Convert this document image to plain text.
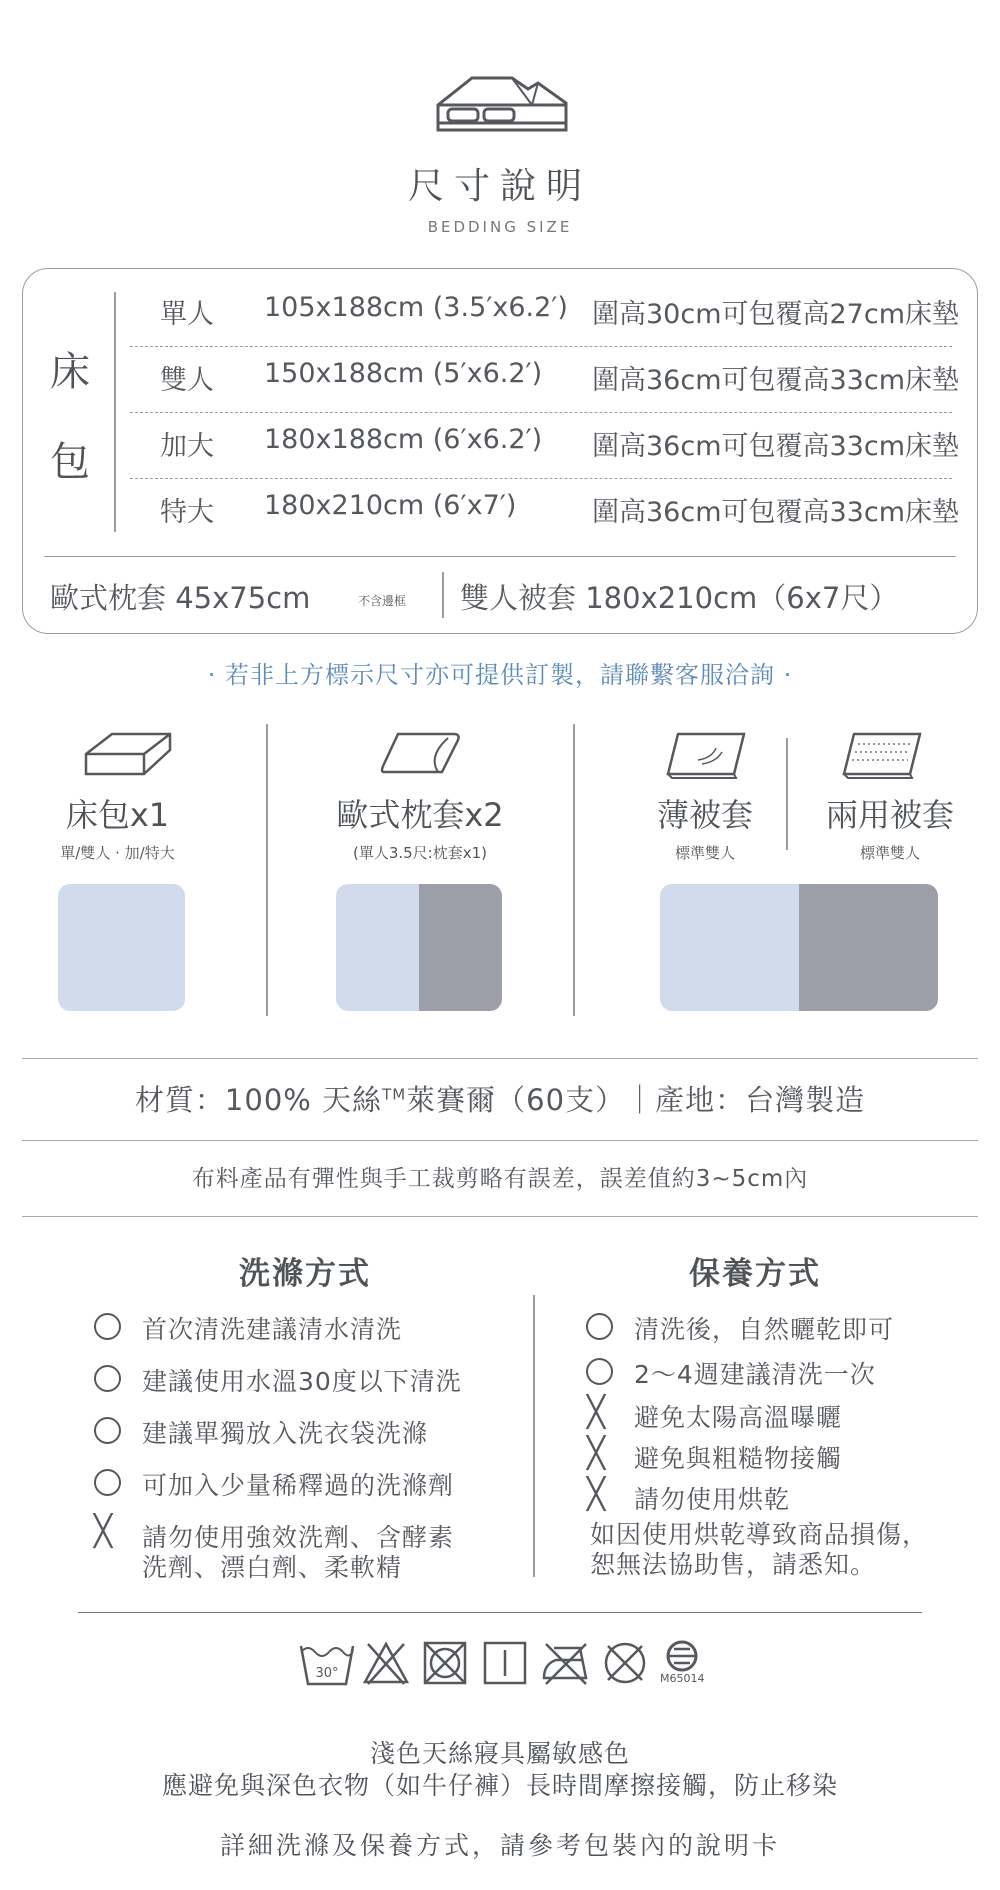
尺寸說明
BEDDING SIZE
床
包
單人 105x188cm (3.5′x6.2′) 圍高30cm可包覆高27cm床墊
雙人 150x188cm (5′x6.2′) 圍高36cm可包覆高33cm床墊
加大 180x188cm (6′x6.2′) 圍高36cm可包覆高33cm床墊
特大 180x210cm (6′x7′)	圍高36cm可包覆高33cm床墊
歐式枕套 45x75cm	不含邊框 雙人被套 180x210cm（6x7尺）
· 若非上方標示尺寸亦可提供訂製，請聯繫客服洽詢 ·
床包x1
單/雙人 · 加/特大
歐式枕套x2
(單人3.5尺:枕套x1)
薄被套
標準雙人
兩用被套
標準雙人
材質：100% 天絲™萊賽爾（60支）｜產地：台灣製造
布料產品有彈性與手工裁剪略有誤差，誤差值約3~5cm內
洗滌方式	保養方式
首次清洗建議清水清洗
建議使用水溫30度以下清洗
建議單獨放入洗衣袋洗滌
可加入少量稀釋過的洗滌劑
╳ 請勿使用強效洗劑、含酵素
洗劑、漂白劑、柔軟精
清洗後，自然曬乾即可
2～4週建議清洗一次
╳ 避免太陽高溫曝曬
╳ 避免與粗糙物接觸
╳ 請勿使用烘乾
如因使用烘乾導致商品損傷，
恕無法協助售，請悉知。
30°	M65014
淺色天絲寢具屬敏感色
應避免與深色衣物（如牛仔褲）長時間摩擦接觸，防止移染
詳細洗滌及保養方式，請參考包裝內的說明卡
